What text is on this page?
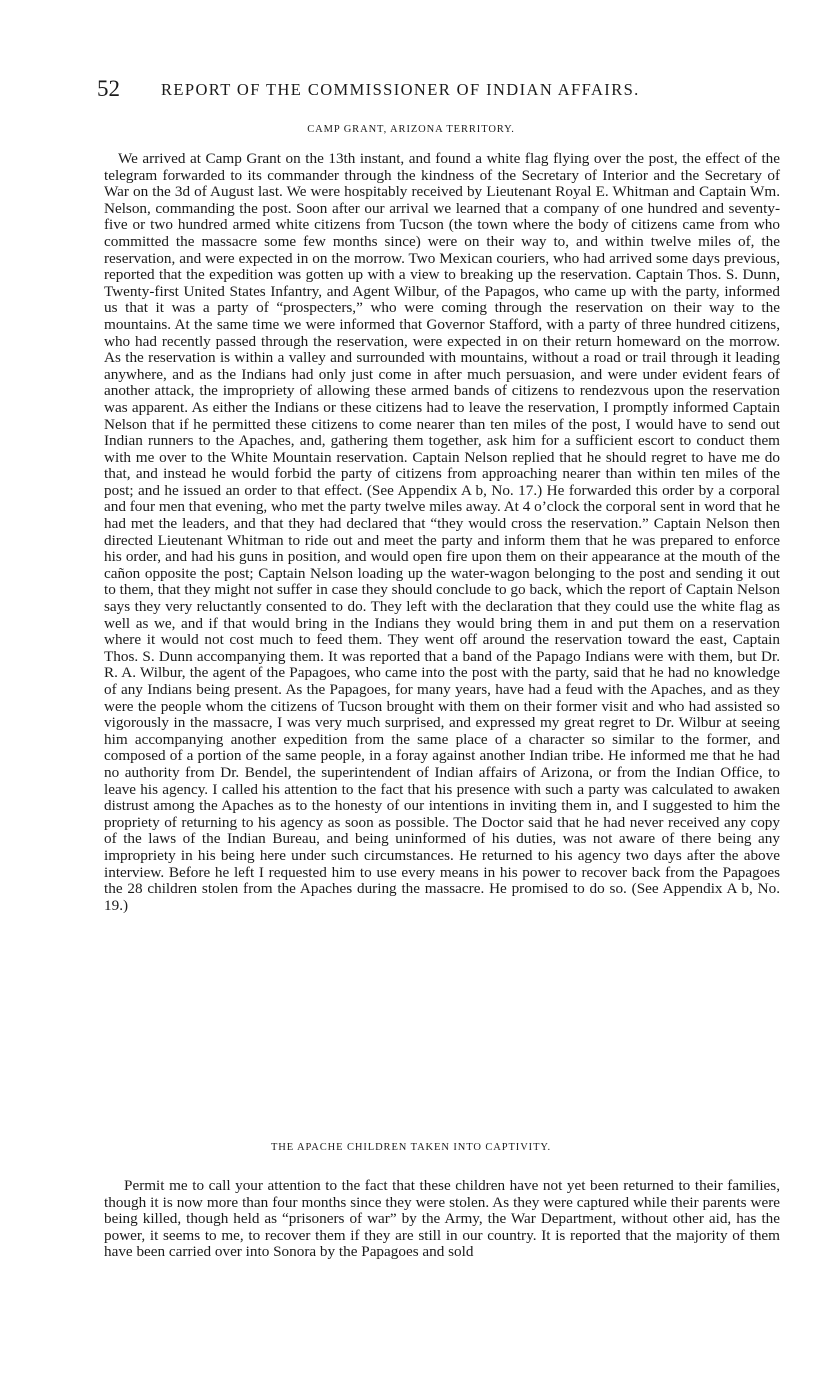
52 REPORT OF THE COMMISSIONER OF INDIAN AFFAIRS.
CAMP GRANT, ARIZONA TERRITORY.

We arrived at Camp Grant on the 13th instant, and found a white flag flying over the post, the effect of the telegram forwarded to its commander through the kindness of the Secretary of Interior and the Secretary of War on the 3d of August last. We were hospitably received by Lieutenant Royal E. Whitman and Captain Wm. Nelson, commanding the post. Soon after our arrival we learned that a company of one hundred and seventy-five or two hundred armed white citizens from Tucson (the town where the body of citizens came from who committed the massacre some few months since) were on their way to, and within twelve miles of, the reservation, and were expected in on the morrow. Two Mexican couriers, who had arrived some days previous, reported that the expedition was gotten up with a view to breaking up the reservation. Captain Thos. S. Dunn, Twenty-first United States Infantry, and Agent Wilbur, of the Papagos, who came up with the party, informed us that it was a party of “prospecters,” who were coming through the reservation on their way to the mountains. At the same time we were informed that Governor Stafford, with a party of three hundred citizens, who had recently passed through the reservation, were expected in on their return homeward on the morrow. As the reservation is within a valley and surrounded with mountains, without a road or trail through it leading anywhere, and as the Indians had only just come in after much persuasion, and were under evident fears of another attack, the impropriety of allowing these armed bands of citizens to rendezvous upon the reservation was apparent. As either the Indians or these citizens had to leave the reservation, I promptly informed Captain Nelson that if he permitted these citizens to come nearer than ten miles of the post, I would have to send out Indian runners to the Apaches, and, gathering them together, ask him for a sufficient escort to conduct them with me over to the White Mountain reservation. Captain Nelson replied that he should regret to have me do that, and instead he would forbid the party of citizens from approaching nearer than within ten miles of the post; and he issued an order to that effect. (See Appendix A b, No. 17.) He forwarded this order by a corporal and four men that evening, who met the party twelve miles away. At 4 o’clock the corporal sent in word that he had met the leaders, and that they had declared that “they would cross the reservation.” Captain Nelson then directed Lieutenant Whitman to ride out and meet the party and inform them that he was prepared to enforce his order, and had his guns in position, and would open fire upon them on their appearance at the mouth of the cañon opposite the post; Captain Nelson loading up the water-wagon belonging to the post and sending it out to them, that they might not suffer in case they should conclude to go back, which the report of Captain Nelson says they very reluctantly consented to do. They left with the declaration that they could use the white flag as well as we, and if that would bring in the Indians they would bring them in and put them on a reservation where it would not cost much to feed them. They went off around the reservation toward the east, Captain Thos. S. Dunn accompanying them. It was reported that a band of the Papago Indians were with them, but Dr. R. A. Wilbur, the agent of the Papagoes, who came into the post with the party, said that he had no knowledge of any Indians being present. As the Papagoes, for many years, have had a feud with the Apaches, and as they were the people whom the citizens of Tucson brought with them on their former visit and who had assisted so vigorously in the massacre, I was very much surprised, and expressed my great regret to Dr. Wilbur at seeing him accompanying another expedition from the same place of a character so similar to the former, and composed of a portion of the same people, in a foray against another Indian tribe. He informed me that he had no authority from Dr. Bendel, the superintendent of Indian affairs of Arizona, or from the Indian Office, to leave his agency. I called his attention to the fact that his presence with such a party was calculated to awaken distrust among the Apaches as to the honesty of our intentions in inviting them in, and I suggested to him the propriety of returning to his agency as soon as possible. The Doctor said that he had never received any copy of the laws of the Indian Bureau, and being uninformed of his duties, was not aware of there being any impropriety in his being here under such circumstances. He returned to his agency two days after the above interview. Before he left I requested him to use every means in his power to recover back from the Papagoes the 28 children stolen from the Apaches during the massacre. He promised to do so. (See Appendix A b, No. 19.)

THE APACHE CHILDREN TAKEN INTO CAPTIVITY.

Permit me to call your attention to the fact that these children have not yet been returned to their families, though it is now more than four months since they were stolen. As they were captured while their parents were being killed, though held as “prisoners of war” by the Army, the War Department, without other aid, has the power, it seems to me, to recover them if they are still in our country. It is reported that the majority of them have been carried over into Sonora by the Papagoes and sold
